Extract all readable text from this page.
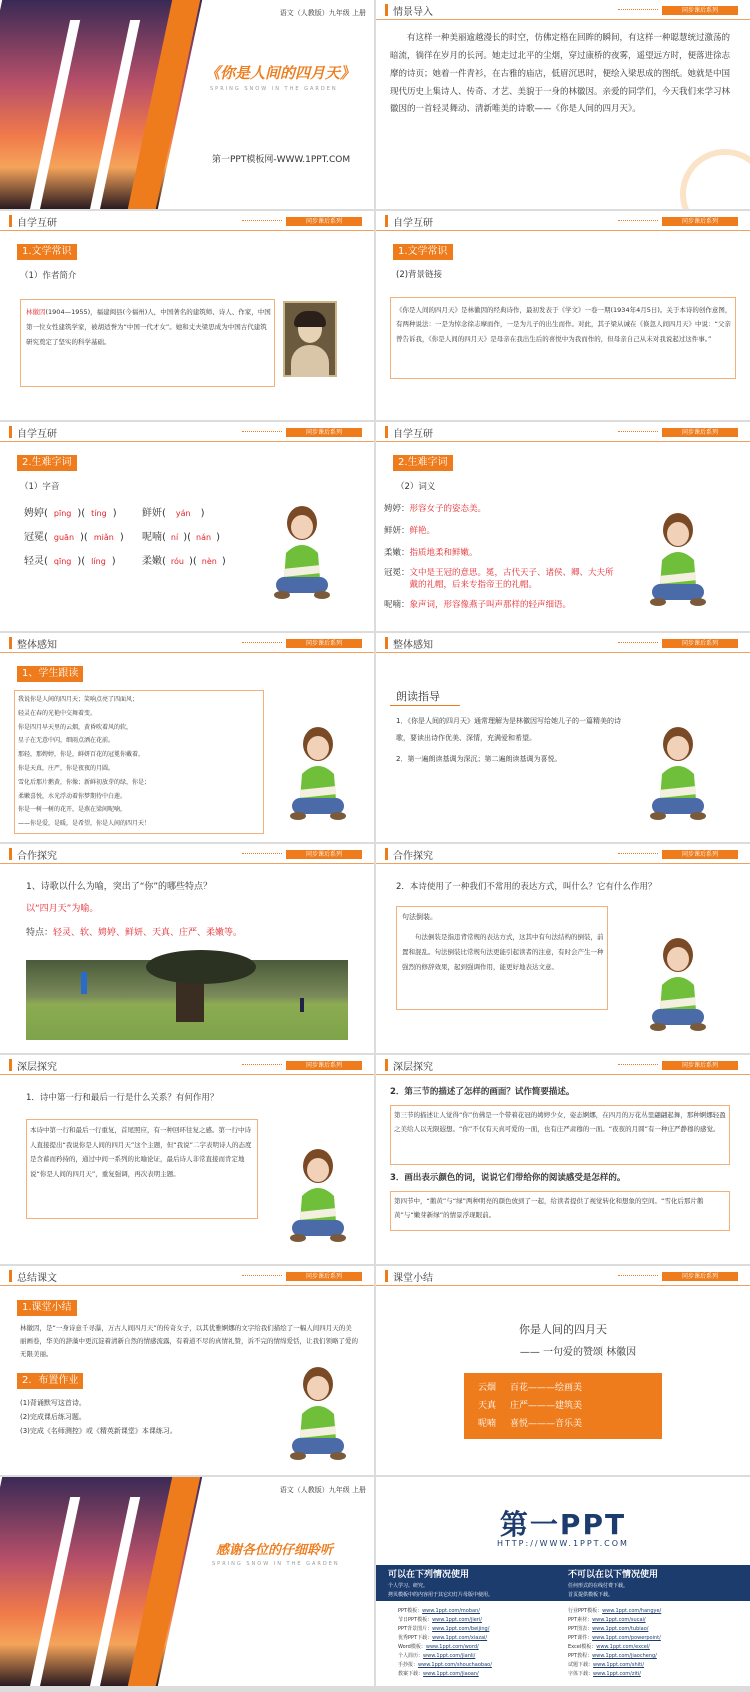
语文（人教版）九年级 上册
《你是人间的四月天》
SPRING SNOW IN THE GARDEN
第一PPT模板网-WWW.1PPT.COM
情景导入	同步课后系列
有这样一种美丽逾越漫长的时空，仿佛定格在回眸的瞬间，有这样一种聪慧统过激荡的暗流，徜徉在岁月的长河。她走过北平的尘烟，穿过康桥的夜雾，遥望远方时，便落进徐志摩的诗页；她着一件青衫，在古雅的庙店，低眉沉思时，便绘入梁思成的图纸。她就是中国现代历史上集诗人、传奇、才艺、美貌于一身的林徽因。亲爱的同学们，今天我们来学习林徽因的一首轻灵舞动、清新唯美的诗歌——《你是人间的四月天》。
自学互研	同步课后系列
1.文学常识
（1）作者简介
林徽因(1904—1955)，福建闽县(今福州)人，中国著名的建筑师、诗人、作家，中国第一位女性建筑学家，被胡适誉为“中国一代才女”。她和丈夫梁思成为中国古代建筑研究奠定了坚实的科学基础。
自学互研	同步课后系列
1.文学常识
(2)背景链接
《你是人间的四月天》是林徽因的经典诗作，最初发表于《学文》一卷一期(1934年4月5日)。关于本诗的创作意图，有两种说法：一是为悼念徐志摩而作，一是为儿子的出生而作。对此，其子梁从诫在《倏忽人间四月天》中说：“父亲曾告诉我，《你是人间的四月天》是母亲在我出生后的喜悦中为我而作的，但母亲自己从未对我说起过这件事。”
自学互研	同步课后系列
2.生难字词
（1）字音
娉婷( pīng )( tíng )	鲜妍( yán )
冠冕( guān )( miǎn )	呢喃( ní )( nán )
轻灵( qīng )( líng )	柔嫩( róu )( nèn )
自学互研	同步课后系列
2.生难字词
（2）词义
娉婷：形容女子的姿态美。
鲜妍：鲜艳。
柔嫩：指质地柔和鲜嫩。
冠冕： 文中是王冠的意思。冕，古代天子、诸侯、卿、大夫所戴的礼帽，后来专指帝王的礼帽。
呢喃：象声词，形容像燕子叫声那样的轻声细语。
整体感知	同步课后系列
1、学生跟读
我说你是人间的四月天；笑响点亮了四面风；
轻灵在春的光艳中交舞着变。
你是四月早天里的云烟，黄昏吹着风的软，
星子在无意中闪，细雨点洒在花前。
那轻，那娉婷，你是，鲜妍百花的冠冕你戴着，
你是天真，庄严，你是夜夜的月圆。
雪化后那片鹅黄，你像；新鲜初放芽的绿，你是；
柔嫩喜悦，水光浮动着你梦期待中白莲。
你是一树一树的花开，是燕在梁间呢喃，
——你是爱，是暖，是希望，你是人间的四月天！
整体感知	同步课后系列
朗读指导
1．《你是人间的四月天》通常理解为是林徽因写给她儿子的一篇精美的诗歌，要读出诗作优美、深情，充满爱和希望。
2．第一遍朗读基调为深沉；第二遍朗读基调为喜悦。
合作探究	同步课后系列
1、诗歌以什么为喻，突出了“你”的哪些特点？
以“四月天”为喻。
特点：轻灵、软、娉婷、鲜妍、天真、庄严、柔嫩等。
合作探究	同步课后系列
2．本诗使用了一种我们不常用的表达方式，叫什么？它有什么作用？
句法倒装。
句法倒装是指违背常规的表达方式，这其中有句法结构的倒装，前置和混乱。句法倒装比常规句法更能引起读者的注意，有时会产生一种强烈的修辞效果，起到强调作用，能更好地表达文意。
深层探究	同步课后系列
1．诗中第一行和最后一行是什么关系？有何作用？
本诗中第一行和最后一行重复，首尾照应，有一种回环往复之感。第一行中诗人直接提出“我说你是人间的四月天”这个主题，但“我说”二字表明诗人的态度是含蓄而矜持的，通过中间一系列的比喻论证，最后诗人非常直接而肯定地说“你是人间的四月天”，重复强调，再次表明主题。
深层探究	同步课后系列
2．第三节的描述了怎样的画面？试作简要描述。
第三节的描述让人觉得“你”仿佛是一个带着花冠的娉婷少女，姿态婀娜，在四月的万花丛里翩翩起舞，那种婀娜轻盈之美给人以无限遐想。“你”不仅有天真可爱的一面，也有庄严肃穆的一面。“夜夜的月圆”有一种庄严静穆的感觉。
3．画出表示颜色的词，说说它们带给你的阅读感受是怎样的。
第四节中，“鹅黄”与“绿”两种明亮的颜色放到了一起，给读者提供了视觉转化和想象的空间。“雪化后那片鹅黄”与“嫩芽新绿”的情景浮现眼前。
总结课文	同步课后系列
1.课堂小结
林徽因，是“一身诗意千寻瀑，万古人间四月天”的传奇女子，以其优雅婀娜的文字给我们描绘了一幅人间四月天的美丽画卷，华美的辞藻中更沉淀着清新自然的情感流露，有着道不尽的真情礼赞，诉不完的情绵爱恬，让我们领略了爱的无限美丽。
2．布置作业
(1)背诵默写这首诗。
(2)完成课后练习题。
(3)完成《名师测控》或《精英新课堂》本课练习。
课堂小结	同步课后系列
你是人间的四月天
—— 一句爱的赞颂 林徽因
云烟 百花———绘画美
天真 庄严———建筑美
呢喃 喜悦———音乐美
语文（人教版）九年级 上册
感谢各位的仔细聆听
SPRING SNOW IN THE GARDEN
第一PPT
HTTP://WWW.1PPT.COM
可以在下列情况使用
个人学习、研究。
拷贝模板中的内容用于其它幻灯片母版中使用。
不可以在以下情况使用
任何形式的在线付费下载。
首页提供模板下载。
PPT模板：www.1ppt.com/moban/
节日PPT模板：www.1ppt.com/jieri/
PPT背景图片：www.1ppt.com/beijing/
优秀PPT下载：www.1ppt.com/xiazai/
Word模板：www.1ppt.com/word/
个人简历：www.1ppt.com/jianli/
手抄报：www.1ppt.com/shouchaobao/
教案下载：www.1ppt.com/jiaoan/
行业PPT模板：www.1ppt.com/hangye/
PPT素材：www.1ppt.com/sucai/
PPT图表：www.1ppt.com/tubiao/
PPT课件：www.1ppt.com/powerpoint/
Excel模板：www.1ppt.com/excel/
PPT教程：www.1ppt.com/jiaocheng/
试题下载：www.1ppt.com/shiti/
字体下载：www.1ppt.com/ziti/
